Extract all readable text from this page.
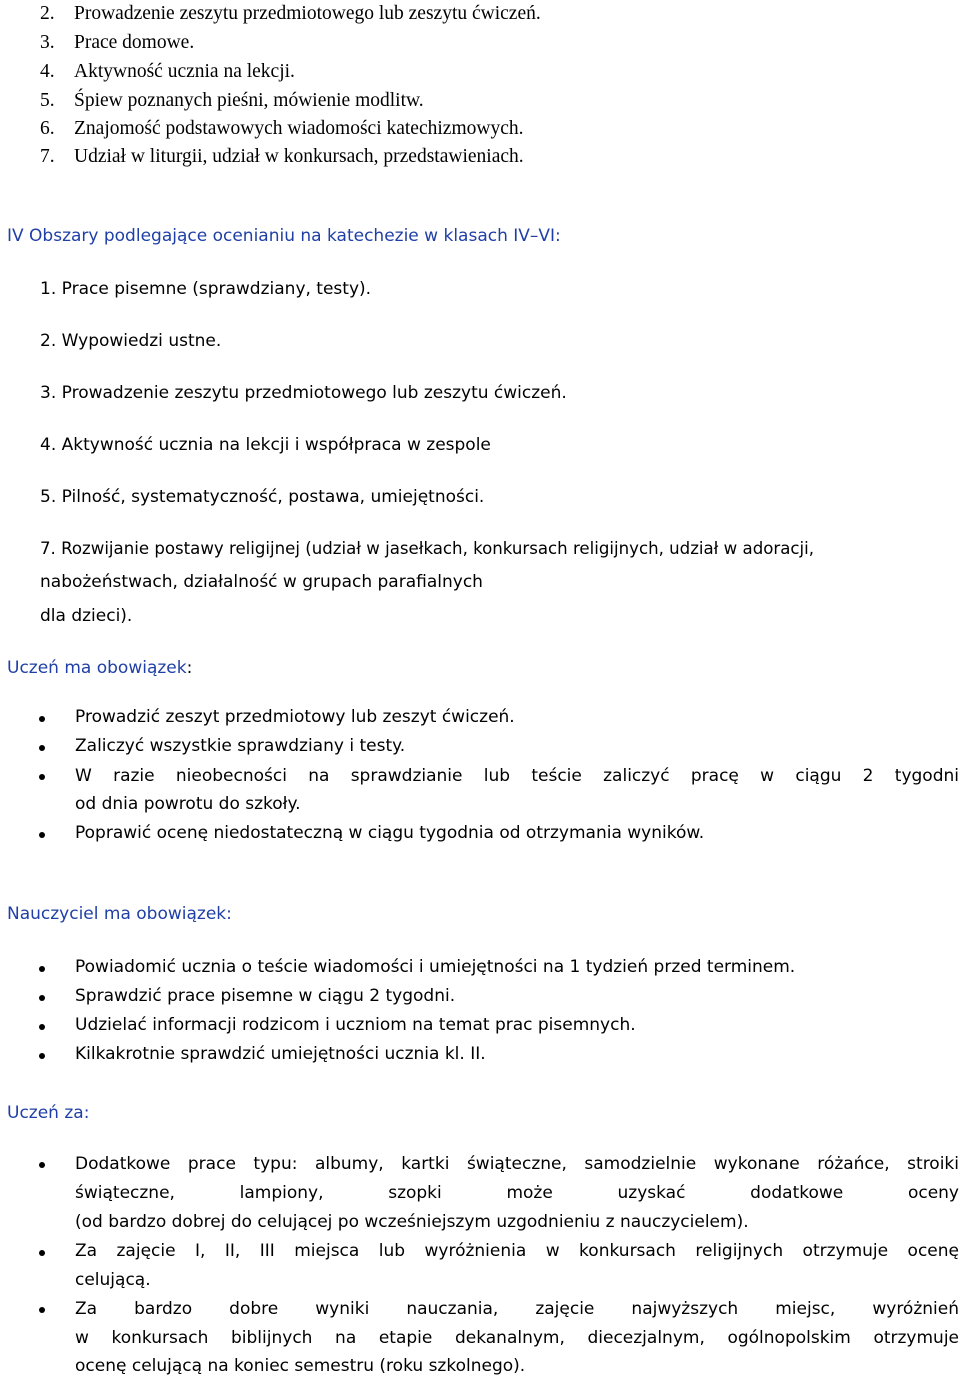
2. Prowadzenie zeszytu przedmiotowego lub zeszytu ćwiczeń.
3. Prace domowe.
4. Aktywność ucznia na lekcji.
5. Śpiew poznanych pieśni, mówienie modlitw.
6. Znajomość podstawowych wiadomości katechizmowych.
7. Udział w liturgii, udział w konkursach, przedstawieniach.
IV Obszary podlegające ocenianiu na katechezie w klasach IV–VI:
1. Prace pisemne (sprawdziany, testy).
2. Wypowiedzi ustne.
3. Prowadzenie zeszytu przedmiotowego lub zeszytu ćwiczeń.
4. Aktywność ucznia na lekcji i współpraca w zespole
5. Pilność, systematyczność, postawa, umiejętności.
7. Rozwijanie postawy religijnej (udział w jasełkach, konkursach religijnych, udział w adoracji,
nabożeństwach, działalność w grupach parafialnych
dla dzieci).
Uczeń ma obowiązek:
Prowadzić zeszyt przedmiotowy lub zeszyt ćwiczeń.
Zaliczyć wszystkie sprawdziany i testy.
W razie nieobecności na sprawdzianie lub teście zaliczyć pracę w ciągu 2 tygodni
od dnia powrotu do szkoły.
Poprawić ocenę niedostateczną w ciągu tygodnia od otrzymania wyników.
Nauczyciel ma obowiązek:
Powiadomić ucznia o teście wiadomości i umiejętności na 1 tydzień przed terminem.
Sprawdzić prace pisemne w ciągu 2 tygodni.
Udzielać informacji rodzicom i uczniom na temat prac pisemnych.
Kilkakrotnie sprawdzić umiejętności ucznia kl. II.
Uczeń za:
Dodatkowe prace typu: albumy, kartki świąteczne, samodzielnie wykonane różańce, stroiki
świąteczne, lampiony, szopki może uzyskać dodatkowe oceny
(od bardzo dobrej do celującej po wcześniejszym uzgodnieniu z nauczycielem).
Za zajęcie I, II, III miejsca lub wyróżnienia w konkursach religijnych otrzymuje ocenę
celującą.
Za bardzo dobre wyniki nauczania, zajęcie najwyższych miejsc, wyróżnień
w konkursach biblijnych na etapie dekanalnym, diecezjalnym, ogólnopolskim otrzymuje
ocenę celującą na koniec semestru (roku szkolnego).
